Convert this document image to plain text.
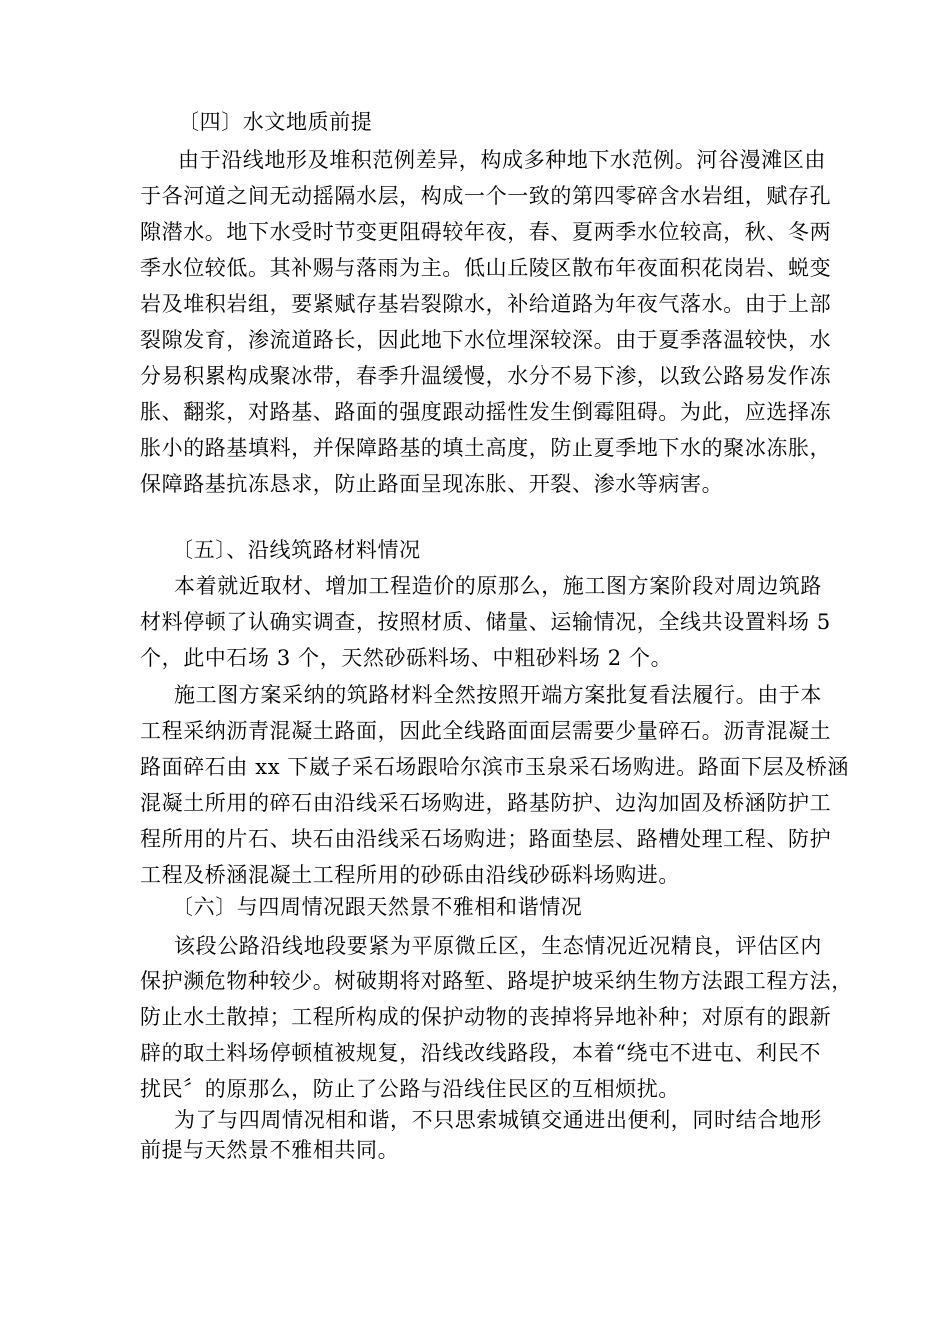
〔四〕水文地质前提
由于沿线地形及堆积范例差异，构成多种地下水范例。河谷漫滩区由
于各河道之间无动摇隔水层，构成一个一致的第四零碎含水岩组，赋存孔
隙潜水。地下水受时节变更阻碍较年夜，春、夏两季水位较高，秋、冬两
季水位较低。其补赐与落雨为主。低山丘陵区散布年夜面积花岗岩、蜕变
岩及堆积岩组，要紧赋存基岩裂隙水，补给道路为年夜气落水。由于上部
裂隙发育，渗流道路长，因此地下水位埋深较深。由于夏季落温较快，水
分易积累构成聚冰带，春季升温缓慢，水分不易下渗，以致公路易发作冻
胀、翻浆，对路基、路面的强度跟动摇性发生倒霉阻碍。为此，应选择冻
胀小的路基填料，并保障路基的填土高度，防止夏季地下水的聚冰冻胀，
保障路基抗冻恳求，防止路面呈现冻胀、开裂、渗水等病害。
〔五〕、沿线筑路材料情况
本着就近取材、增加工程造价的原那么，施工图方案阶段对周边筑路
材料停顿了认确实调查，按照材质、储量、运输情况，全线共设置料场 5
个，此中石场 3 个，天然砂砾料场、中粗砂料场 2 个。
施工图方案采纳的筑路材料全然按照开端方案批复看法履行。由于本
工程采纳沥青混凝土路面，因此全线路面面层需要少量碎石。沥青混凝土
路面碎石由 xx 下崴子采石场跟哈尔滨市玉泉采石场购进。路面下层及桥涵
混凝土所用的碎石由沿线采石场购进，路基防护、边沟加固及桥涵防护工
程所用的片石、块石由沿线采石场购进；路面垫层、路槽处理工程、防护
工程及桥涵混凝土工程所用的砂砾由沿线砂砾料场购进。
〔六〕与四周情况跟天然景不雅相和谐情况
该段公路沿线地段要紧为平原微丘区，生态情况近况精良，评估区内
保护濒危物种较少。树破期将对路堑、路堤护坡采纳生物方法跟工程方法，
防止水土散掉；工程所构成的保护动物的丧掉将异地补种；对原有的跟新
辟的取土料场停顿植被规复，沿线改线路段，本着“绕屯不进屯、利民不
扰民〞的原那么，防止了公路与沿线住民区的互相烦扰。
为了与四周情况相和谐，不只思索城镇交通进出便利，同时结合地形
前提与天然景不雅相共同。
